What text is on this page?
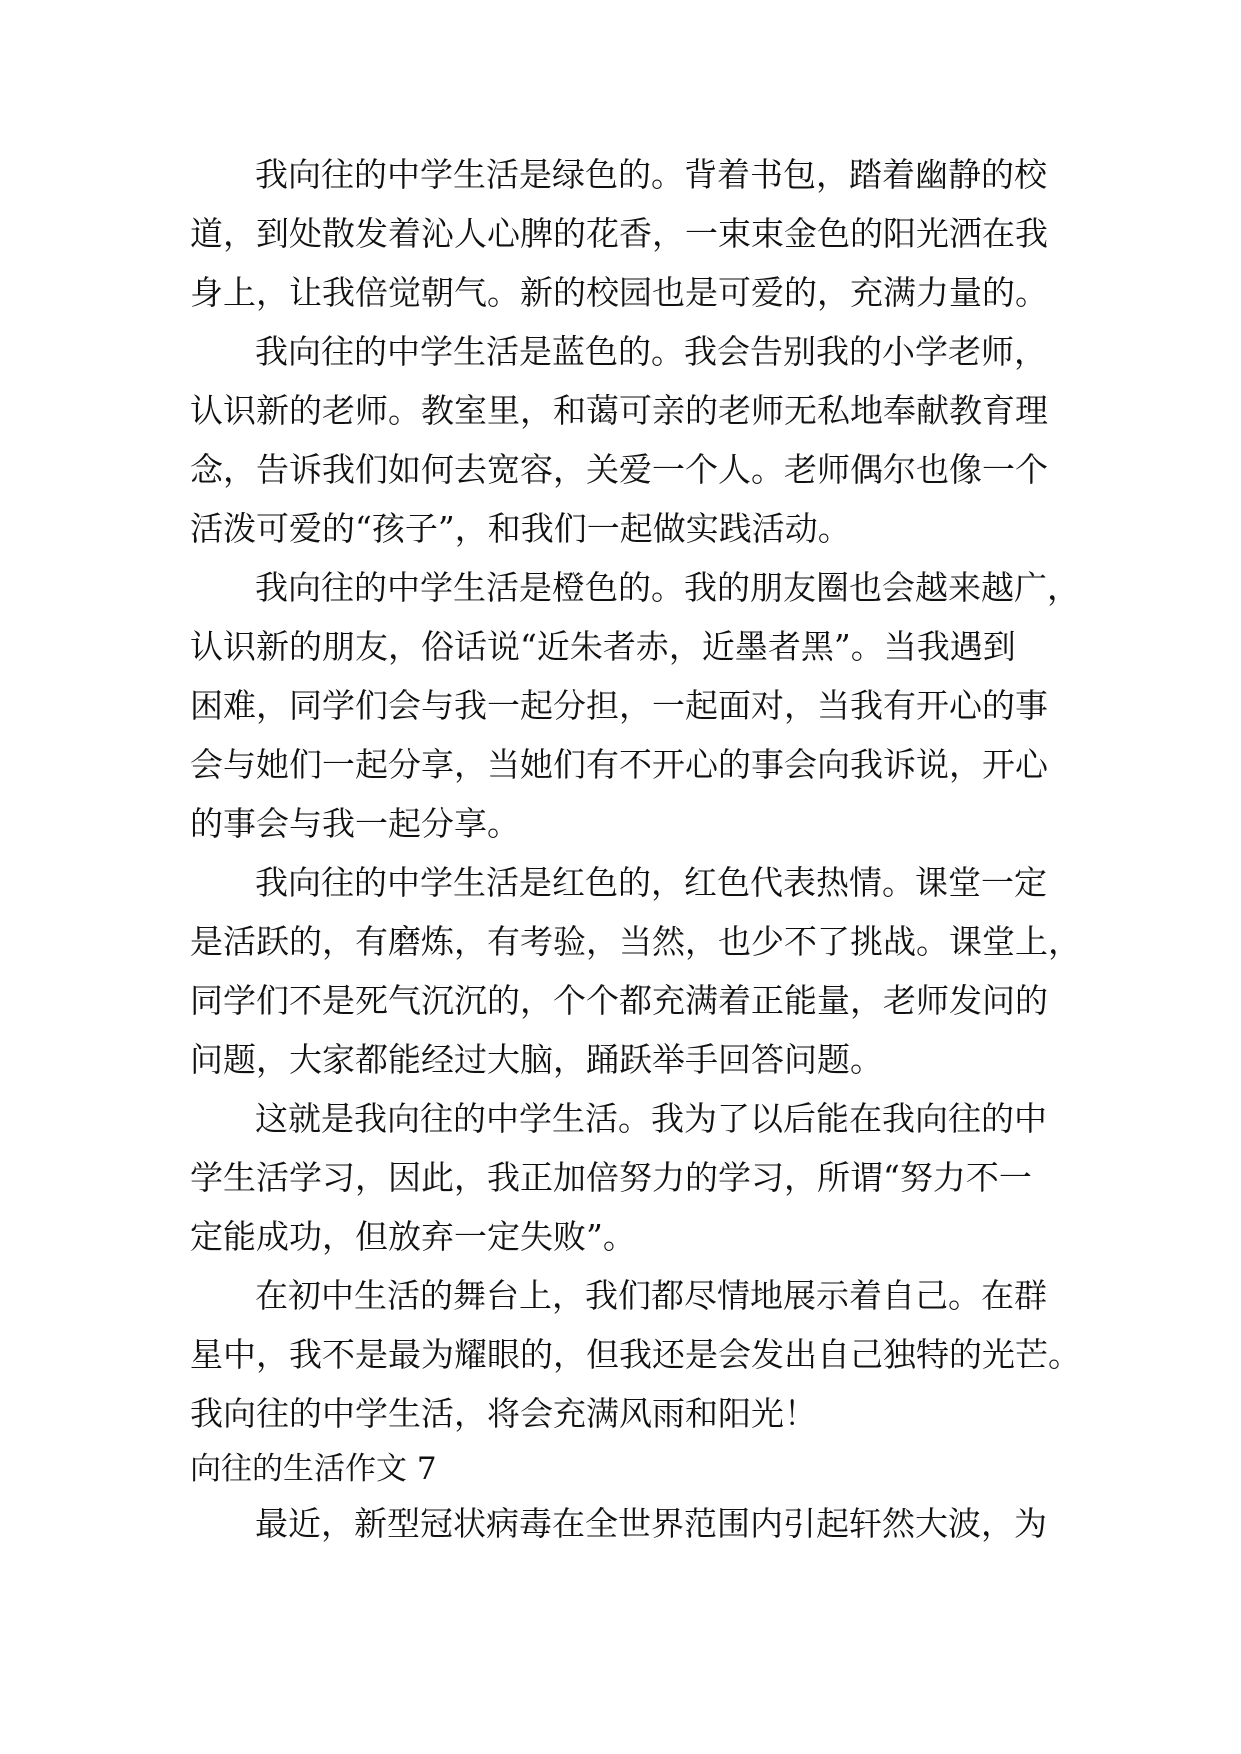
我向往的中学生活是绿色的。背着书包，踏着幽静的校
道，到处散发着沁人心脾的花香，一束束金色的阳光洒在我
身上，让我倍觉朝气。新的校园也是可爱的，充满力量的。
我向往的中学生活是蓝色的。我会告别我的小学老师，
认识新的老师。教室里，和蔼可亲的老师无私地奉献教育理
念，告诉我们如何去宽容，关爱一个人。老师偶尔也像一个
活泼可爱的“孩子”，和我们一起做实践活动。
我向往的中学生活是橙色的。我的朋友圈也会越来越广，
认识新的朋友，俗话说“近朱者赤，近墨者黑”。当我遇到
困难，同学们会与我一起分担，一起面对，当我有开心的事
会与她们一起分享，当她们有不开心的事会向我诉说，开心
的事会与我一起分享。
我向往的中学生活是红色的，红色代表热情。课堂一定
是活跃的，有磨炼，有考验，当然，也少不了挑战。课堂上，
同学们不是死气沉沉的，个个都充满着正能量，老师发问的
问题，大家都能经过大脑，踊跃举手回答问题。
这就是我向往的中学生活。我为了以后能在我向往的中
学生活学习，因此，我正加倍努力的学习，所谓“努力不一
定能成功，但放弃一定失败”。
在初中生活的舞台上，我们都尽情地展示着自己。在群
星中，我不是最为耀眼的，但我还是会发出自己独特的光芒。
我向往的中学生活，将会充满风雨和阳光！
向往的生活作文 7
最近，新型冠状病毒在全世界范围内引起轩然大波，为
